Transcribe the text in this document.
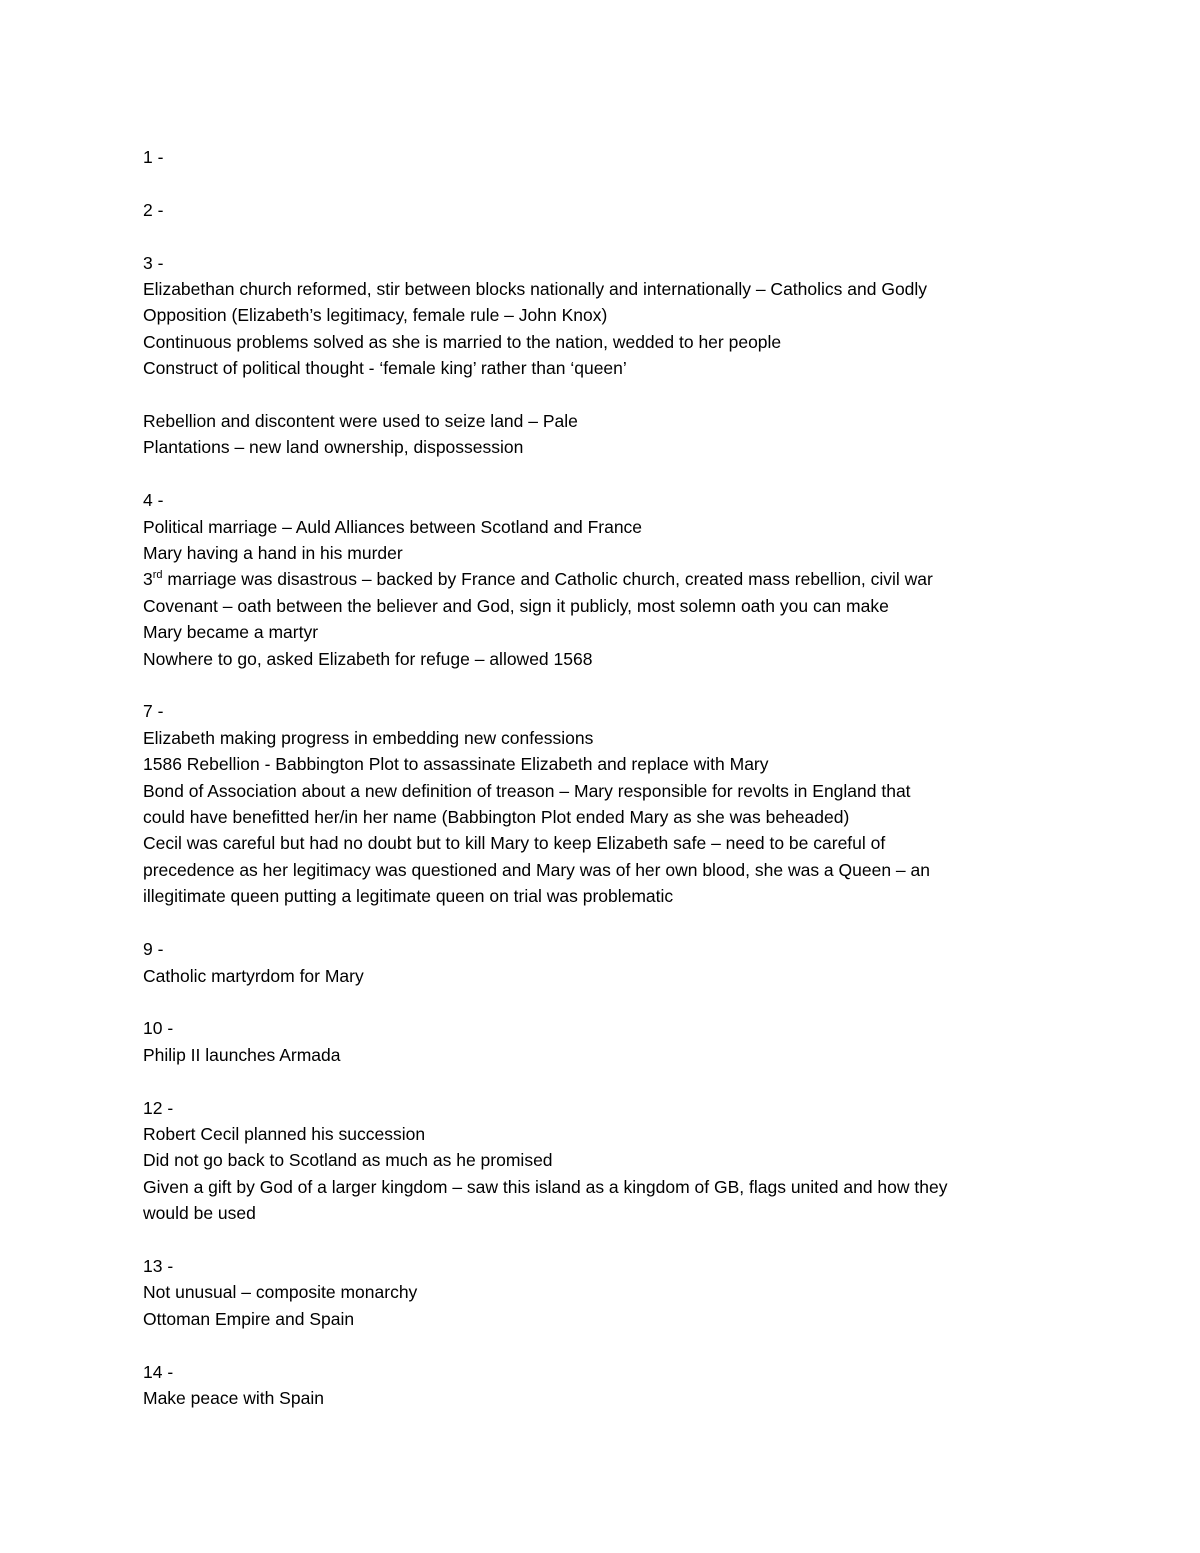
1 -
2 -
3 -
Elizabethan church reformed, stir between blocks nationally and internationally – Catholics and Godly
Opposition (Elizabeth’s legitimacy, female rule – John Knox)
Continuous problems solved as she is married to the nation, wedded to her people
Construct of political thought - ‘female king’ rather than ‘queen’
Rebellion and discontent were used to seize land – Pale
Plantations – new land ownership, dispossession
4 -
Political marriage – Auld Alliances between Scotland and France
Mary having a hand in his murder
3rd marriage was disastrous – backed by France and Catholic church, created mass rebellion, civil war
Covenant – oath between the believer and God, sign it publicly, most solemn oath you can make
Mary became a martyr
Nowhere to go, asked Elizabeth for refuge – allowed 1568
7 -
Elizabeth making progress in embedding new confessions
1586 Rebellion - Babbington Plot to assassinate Elizabeth and replace with Mary
Bond of Association about a new definition of treason – Mary responsible for revolts in England that
could have benefitted her/in her name (Babbington Plot ended Mary as she was beheaded)
Cecil was careful but had no doubt but to kill Mary to keep Elizabeth safe – need to be careful of
precedence as her legitimacy was questioned and Mary was of her own blood, she was a Queen – an
illegitimate queen putting a legitimate queen on trial was problematic
9 -
Catholic martyrdom for Mary
10 -
Philip II launches Armada
12 -
Robert Cecil planned his succession
Did not go back to Scotland as much as he promised
Given a gift by God of a larger kingdom – saw this island as a kingdom of GB, flags united and how they
would be used
13 -
Not unusual – composite monarchy
Ottoman Empire and Spain
14 -
Make peace with Spain
